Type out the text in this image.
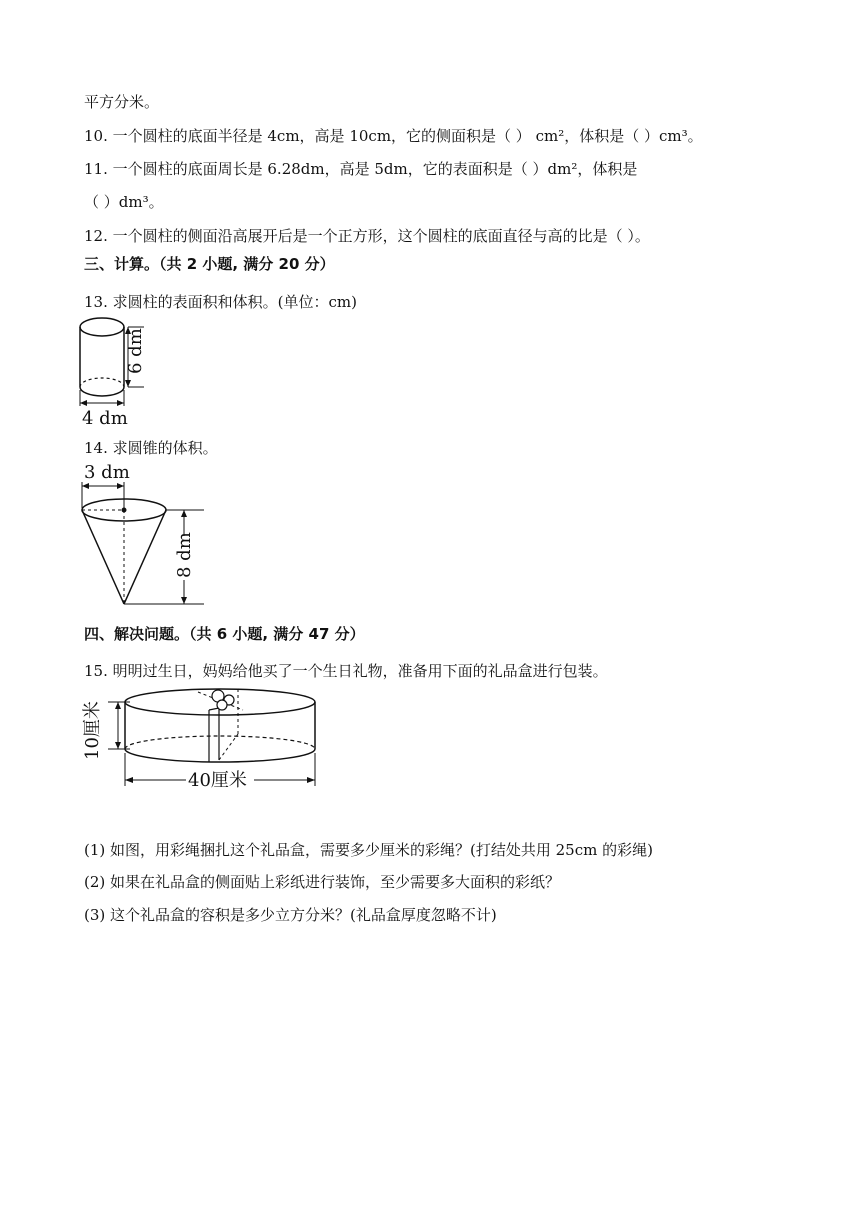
平方分米。
10. 一个圆柱的底面半径是 4cm，高是 10cm，它的侧面积是（ ） cm²，体积是（ ）cm³。
11. 一个圆柱的底面周长是 6.28dm，高是 5dm，它的表面积是（ ）dm²，体积是
（ ）dm³。
12. 一个圆柱的侧面沿高展开后是一个正方形，这个圆柱的底面直径与高的比是（ ）。
三、计算。（共 2 小题, 满分 20 分）
13. 求圆柱的表面积和体积。(单位：cm)
6 dm
4 dm
14. 求圆锥的体积。
3 dm
8 dm
四、解决问题。（共 6 小题, 满分 47 分）
15. 明明过生日，妈妈给他买了一个生日礼物，准备用下面的礼品盒进行包装。
10厘米
40厘米
(1) 如图，用彩绳捆扎这个礼品盒，需要多少厘米的彩绳？(打结处共用 25cm 的彩绳)
(2) 如果在礼品盒的侧面贴上彩纸进行装饰，至少需要多大面积的彩纸？
(3) 这个礼品盒的容积是多少立方分米？(礼品盒厚度忽略不计)
